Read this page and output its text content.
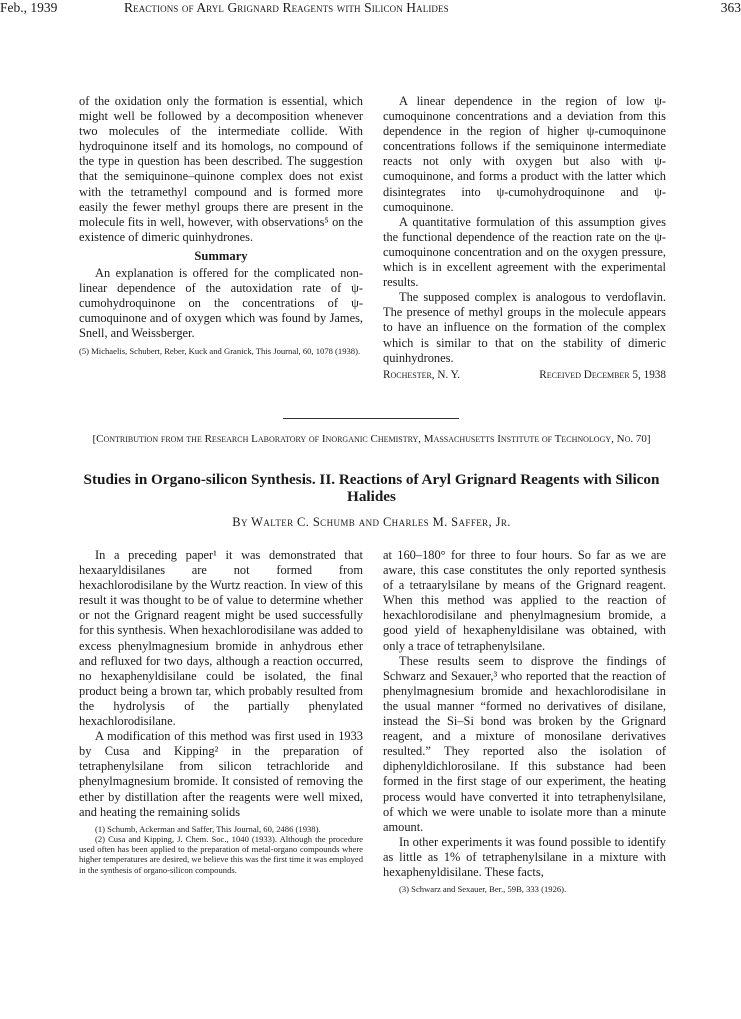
Feb., 1939	Reactions of Aryl Grignard Reagents with Silicon Halides	363

of the oxidation only the formation is essential, which might well be followed by a decomposition whenever two molecules of the intermediate collide. With hydroquinone itself and its homologs, no compound of the type in question has been described. The suggestion that the semiquinone–quinone complex does not exist with the tetramethyl compound and is formed more easily the fewer methyl groups there are present in the molecule fits in well, however, with observations⁵ on the existence of dimeric quinhydrones.

Summary

An explanation is offered for the complicated non-linear dependence of the autoxidation rate of ψ-cumohydroquinone on the concentrations of ψ-cumoquinone and of oxygen which was found by James, Snell, and Weissberger.

(5) Michaelis, Schubert, Reber, Kuck and Granick, This Journal, 60, 1078 (1938).

A linear dependence in the region of low ψ-cumoquinone concentrations and a deviation from this dependence in the region of higher ψ-cumoquinone concentrations follows if the semiquinone intermediate reacts not only with oxygen but also with ψ-cumoquinone, and forms a product with the latter which disintegrates into ψ-cumohydroquinone and ψ-cumoquinone.

A quantitative formulation of this assumption gives the functional dependence of the reaction rate on the ψ-cumoquinone concentration and on the oxygen pressure, which is in excellent agreement with the experimental results.

The supposed complex is analogous to verdoflavin. The presence of methyl groups in the molecule appears to have an influence on the formation of the complex which is similar to that on the stability of dimeric quinhydrones.

Rochester, N. Y.	Received December 5, 1938
[Contribution from the Research Laboratory of Inorganic Chemistry, Massachusetts Institute of Technology, No. 70]
Studies in Organo-silicon Synthesis. II. Reactions of Aryl Grignard Reagents with Silicon Halides
By Walter C. Schumb and Charles M. Saffer, Jr.

In a preceding paper¹ it was demonstrated that hexaaryldisilanes are not formed from hexachlorodisilane by the Wurtz reaction. In view of this result it was thought to be of value to determine whether or not the Grignard reagent might be used successfully for this synthesis. When hexachlorodisilane was added to excess phenylmagnesium bromide in anhydrous ether and refluxed for two days, although a reaction occurred, no hexaphenyldisilane could be isolated, the final product being a brown tar, which probably resulted from the hydrolysis of the partially phenylated hexachlorodisilane.

A modification of this method was first used in 1933 by Cusa and Kipping² in the preparation of tetraphenylsilane from silicon tetrachloride and phenylmagnesium bromide. It consisted of removing the ether by distillation after the reagents were well mixed, and heating the remaining solids

(1) Schumb, Ackerman and Saffer, This Journal, 60, 2486 (1938).

(2) Cusa and Kipping, J. Chem. Soc., 1040 (1933). Although the procedure used often has been applied to the preparation of metal-organo compounds where higher temperatures are desired, we believe this was the first time it was employed in the synthesis of organo-silicon compounds.

at 160–180° for three to four hours. So far as we are aware, this case constitutes the only reported synthesis of a tetraarylsilane by means of the Grignard reagent. When this method was applied to the reaction of hexachlorodisilane and phenylmagnesium bromide, a good yield of hexaphenyldisilane was obtained, with only a trace of tetraphenylsilane.

These results seem to disprove the findings of Schwarz and Sexauer,³ who reported that the reaction of phenylmagnesium bromide and hexachlorodisilane in the usual manner “formed no derivatives of disilane, instead the Si–Si bond was broken by the Grignard reagent, and a mixture of monosilane derivatives resulted.” They reported also the isolation of diphenyldichlorosilane. If this substance had been formed in the first stage of our experiment, the heating process would have converted it into tetraphenylsilane, of which we were unable to isolate more than a minute amount.

In other experiments it was found possible to identify as little as 1% of tetraphenylsilane in a mixture with hexaphenyldisilane. These facts,

(3) Schwarz and Sexauer, Ber., 59B, 333 (1926).
